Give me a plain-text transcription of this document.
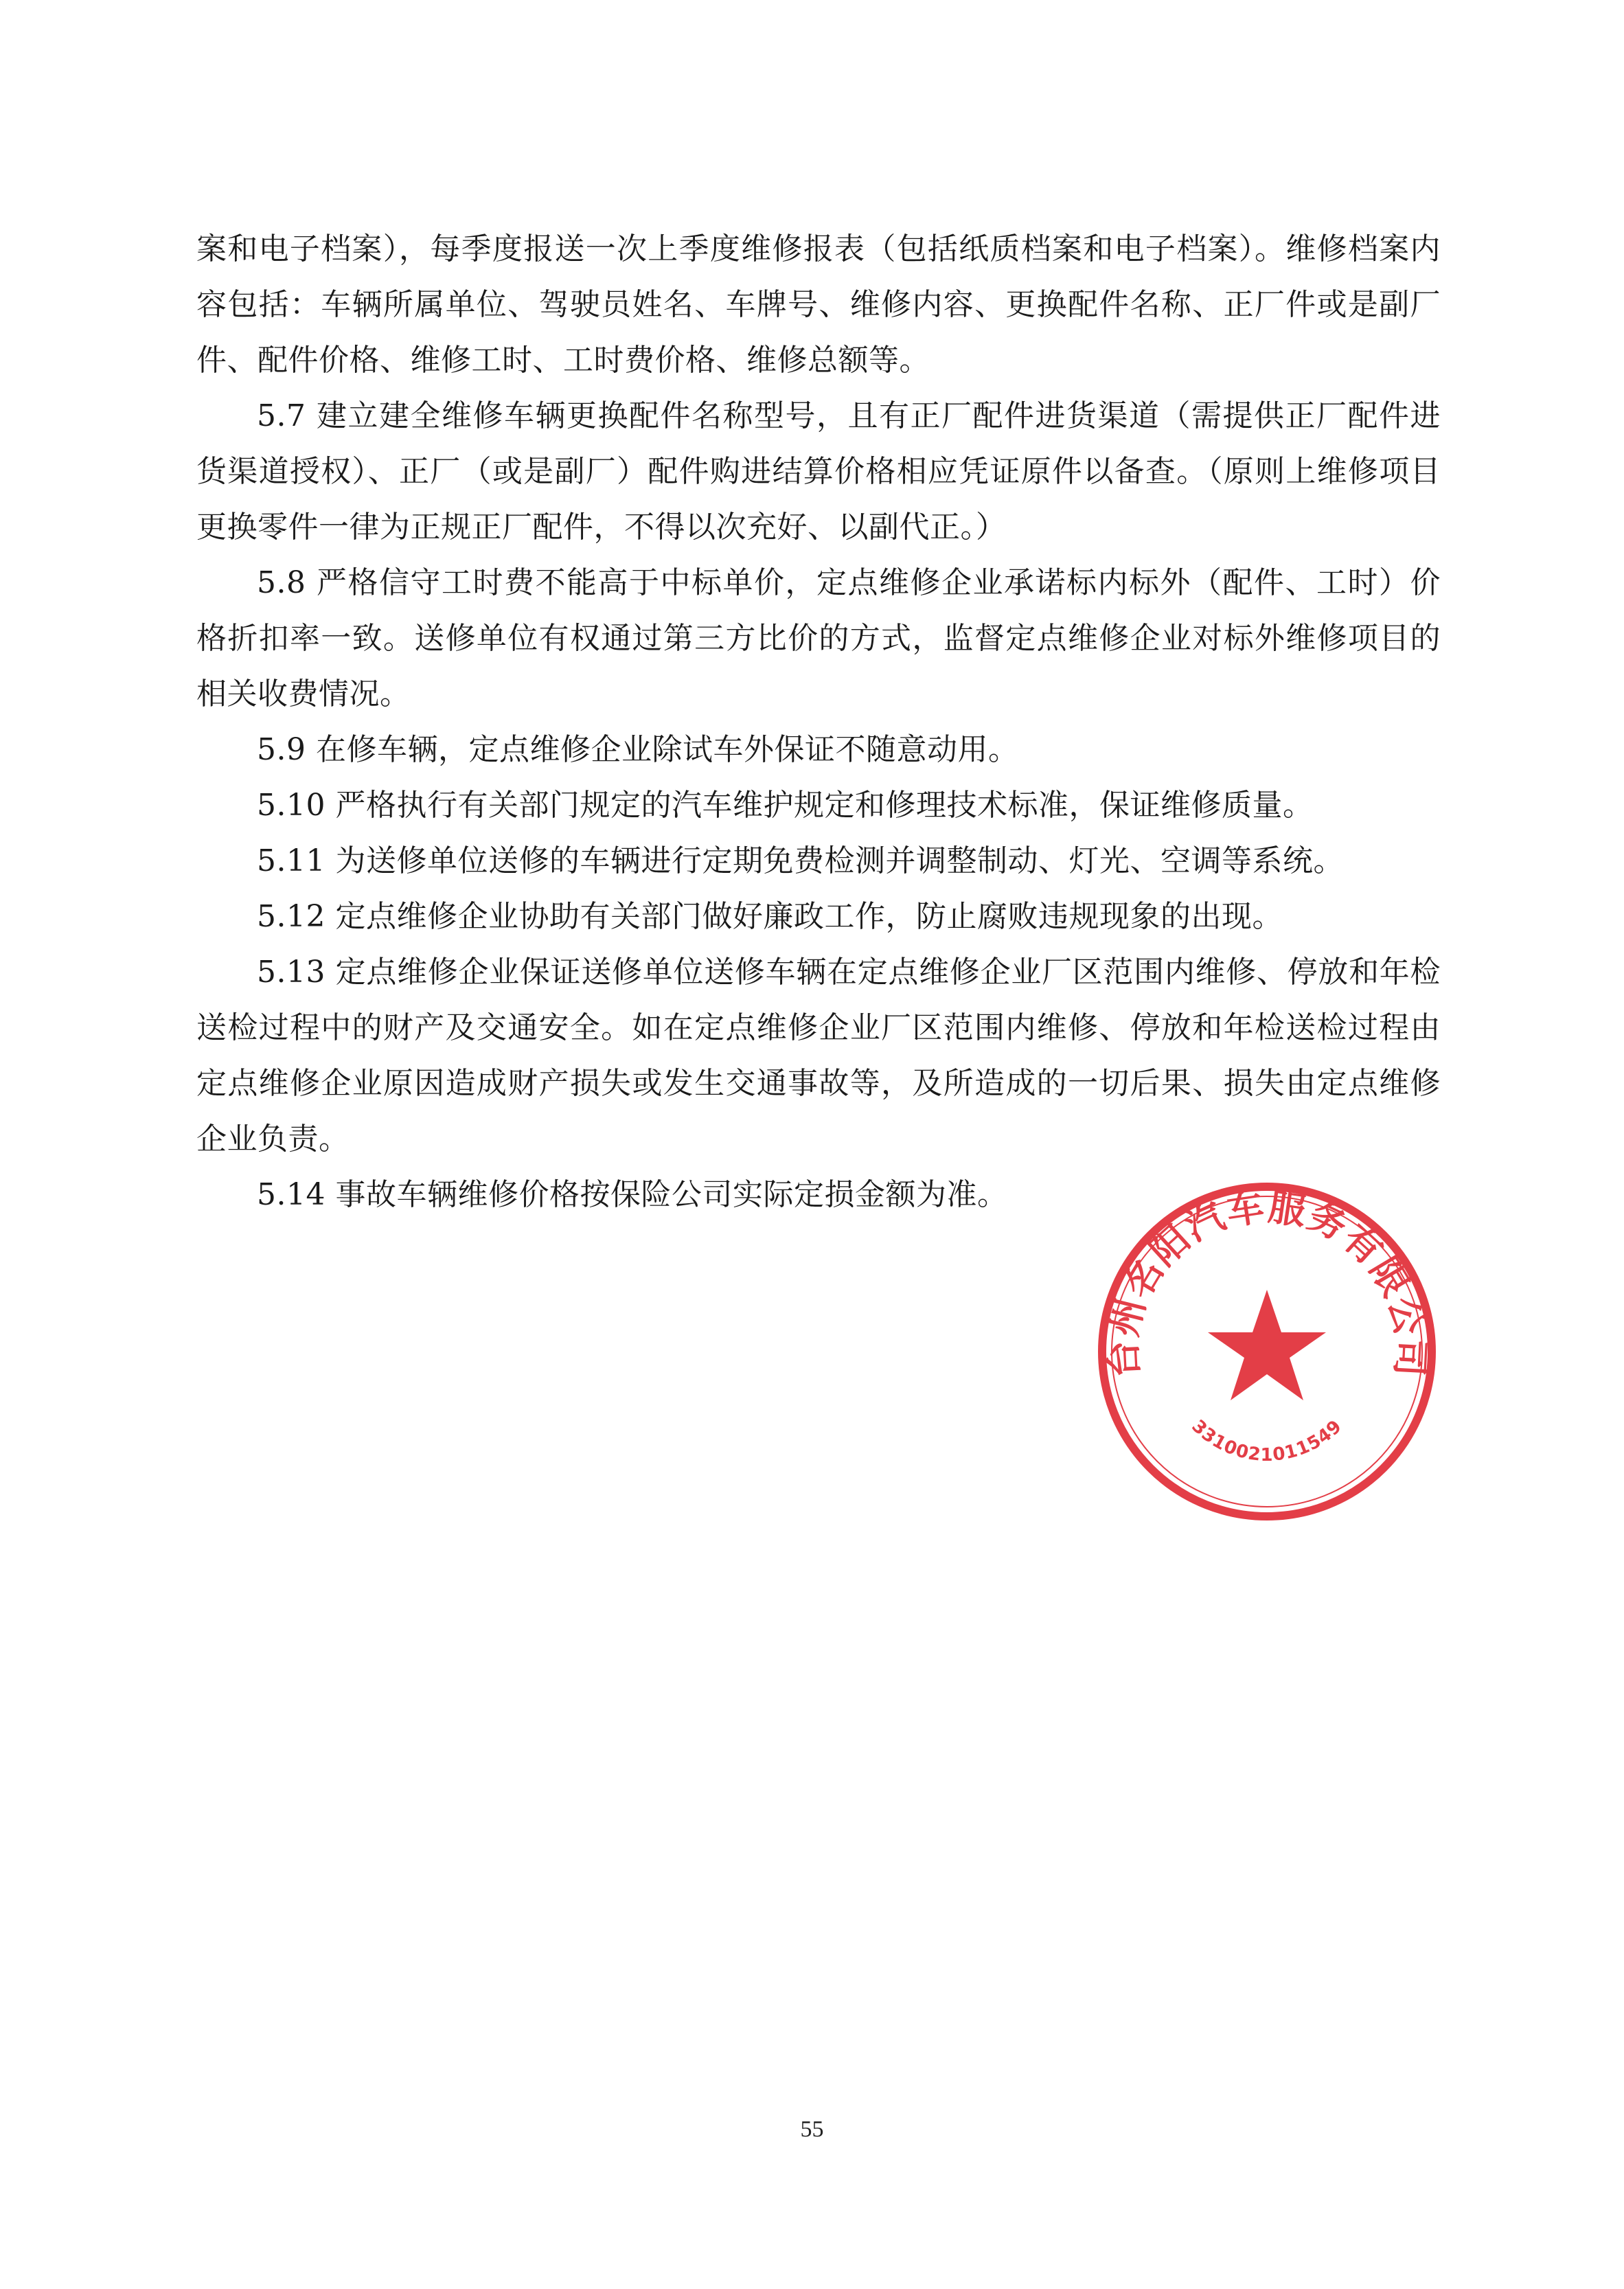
案和电子档案），每季度报送一次上季度维修报表（包括纸质档案和电子档案）。维修档案内容包括：车辆所属单位、驾驶员姓名、车牌号、维修内容、更换配件名称、正厂件或是副厂件、配件价格、维修工时、工时费价格、维修总额等。

5.7 建立建全维修车辆更换配件名称型号，且有正厂配件进货渠道（需提供正厂配件进货渠道授权）、正厂（或是副厂）配件购进结算价格相应凭证原件以备查。（原则上维修项目更换零件一律为正规正厂配件，不得以次充好、以副代正。）

5.8 严格信守工时费不能高于中标单价，定点维修企业承诺标内标外（配件、工时）价格折扣率一致。送修单位有权通过第三方比价的方式，监督定点维修企业对标外维修项目的相关收费情况。

5.9 在修车辆，定点维修企业除试车外保证不随意动用。

5.10 严格执行有关部门规定的汽车维护规定和修理技术标准，保证维修质量。

5.11 为送修单位送修的车辆进行定期免费检测并调整制动、灯光、空调等系统。

5.12 定点维修企业协助有关部门做好廉政工作，防止腐败违规现象的出现。

5.13 定点维修企业保证送修单位送修车辆在定点维修企业厂区范围内维修、停放和年检送检过程中的财产及交通安全。如在定点维修企业厂区范围内维修、停放和年检送检过程由定点维修企业原因造成财产损失或发生交通事故等，及所造成的一切后果、损失由定点维修企业负责。

5.14 事故车辆维修价格按保险公司实际定损金额为准。

台州名阳汽车服务有限公司
3310021011549
55
